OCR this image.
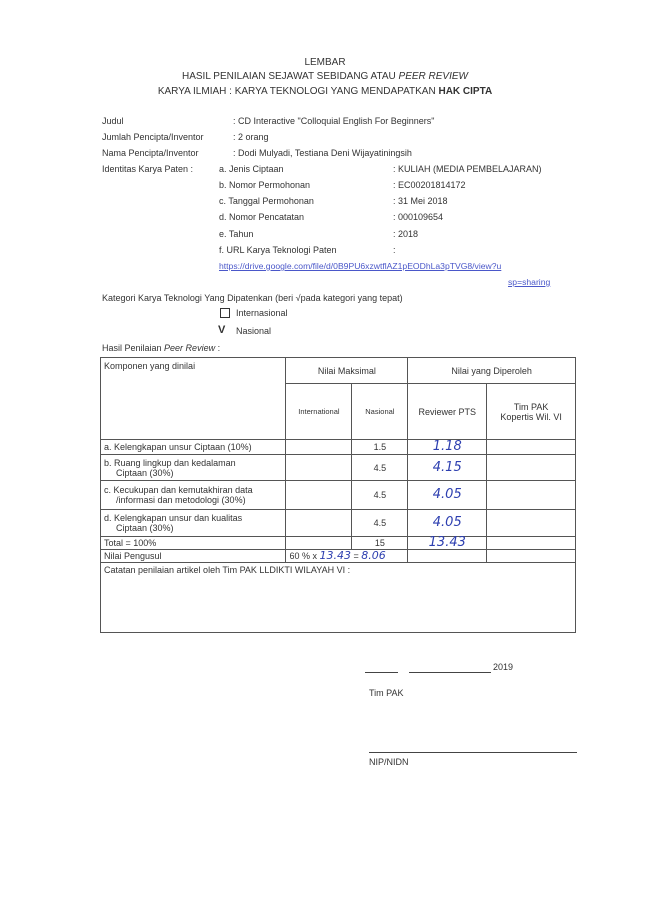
LEMBAR
HASIL PENILAIAN SEJAWAT SEBIDANG ATAU PEER REVIEW
KARYA ILMIAH : KARYA TEKNOLOGI YANG MENDAPATKAN HAK CIPTA
Judul	: CD Interactive "Colloquial English For Beginners"
Jumlah Pencipta/Inventor	: 2 orang
Nama Pencipta/Inventor	: Dodi Mulyadi, Testiana Deni Wijayatiningsih
Identitas Karya Paten :	a. Jenis Ciptaan	: KULIAH (MEDIA PEMBELAJARAN)
b. Nomor Permohonan	: EC00201814172
c. Tanggal Permohonan	: 31 Mei 2018
d. Nomor Pencatatan	: 000109654
e. Tahun	: 2018
f. URL Karya Teknologi Paten	:
https://drive.google.com/file/d/0B9PU6xzwtflAZ1pEODhLa3pTVG8/view?u
sp=sharing
Kategori Karya Teknologi Yang Dipatenkan (beri √pada kategori yang tepat)
Internasional
V Nasional
Hasil Penilaian Peer Review :
Komponen yang dinilai	Nilai Maksimal		Nilai yang Diperoleh	
	International	Nasional	Reviewer PTS	Tim PAK
Kopertis Wil. VI
a. Kelengkapan unsur Ciptaan (10%)		1.5	1.18	
b. Ruang lingkup dan kedalaman
Ciptaan (30%)		4.5	4.15	
c. Kecukupan dan kemutakhiran data
/informasi dan metodologi (30%)		4.5	4.05	
d. Kelengkapan unsur dan kualitas
Ciptaan (30%)		4.5	4.05	
Total = 100%		15	13.43	
Nilai Pengusul	60 % x 13.43 = 8.06			
Catatan penilaian artikel oleh Tim PAK LLDIKTI WILAYAH VI :				
2019
Tim PAK
NIP/NIDN
